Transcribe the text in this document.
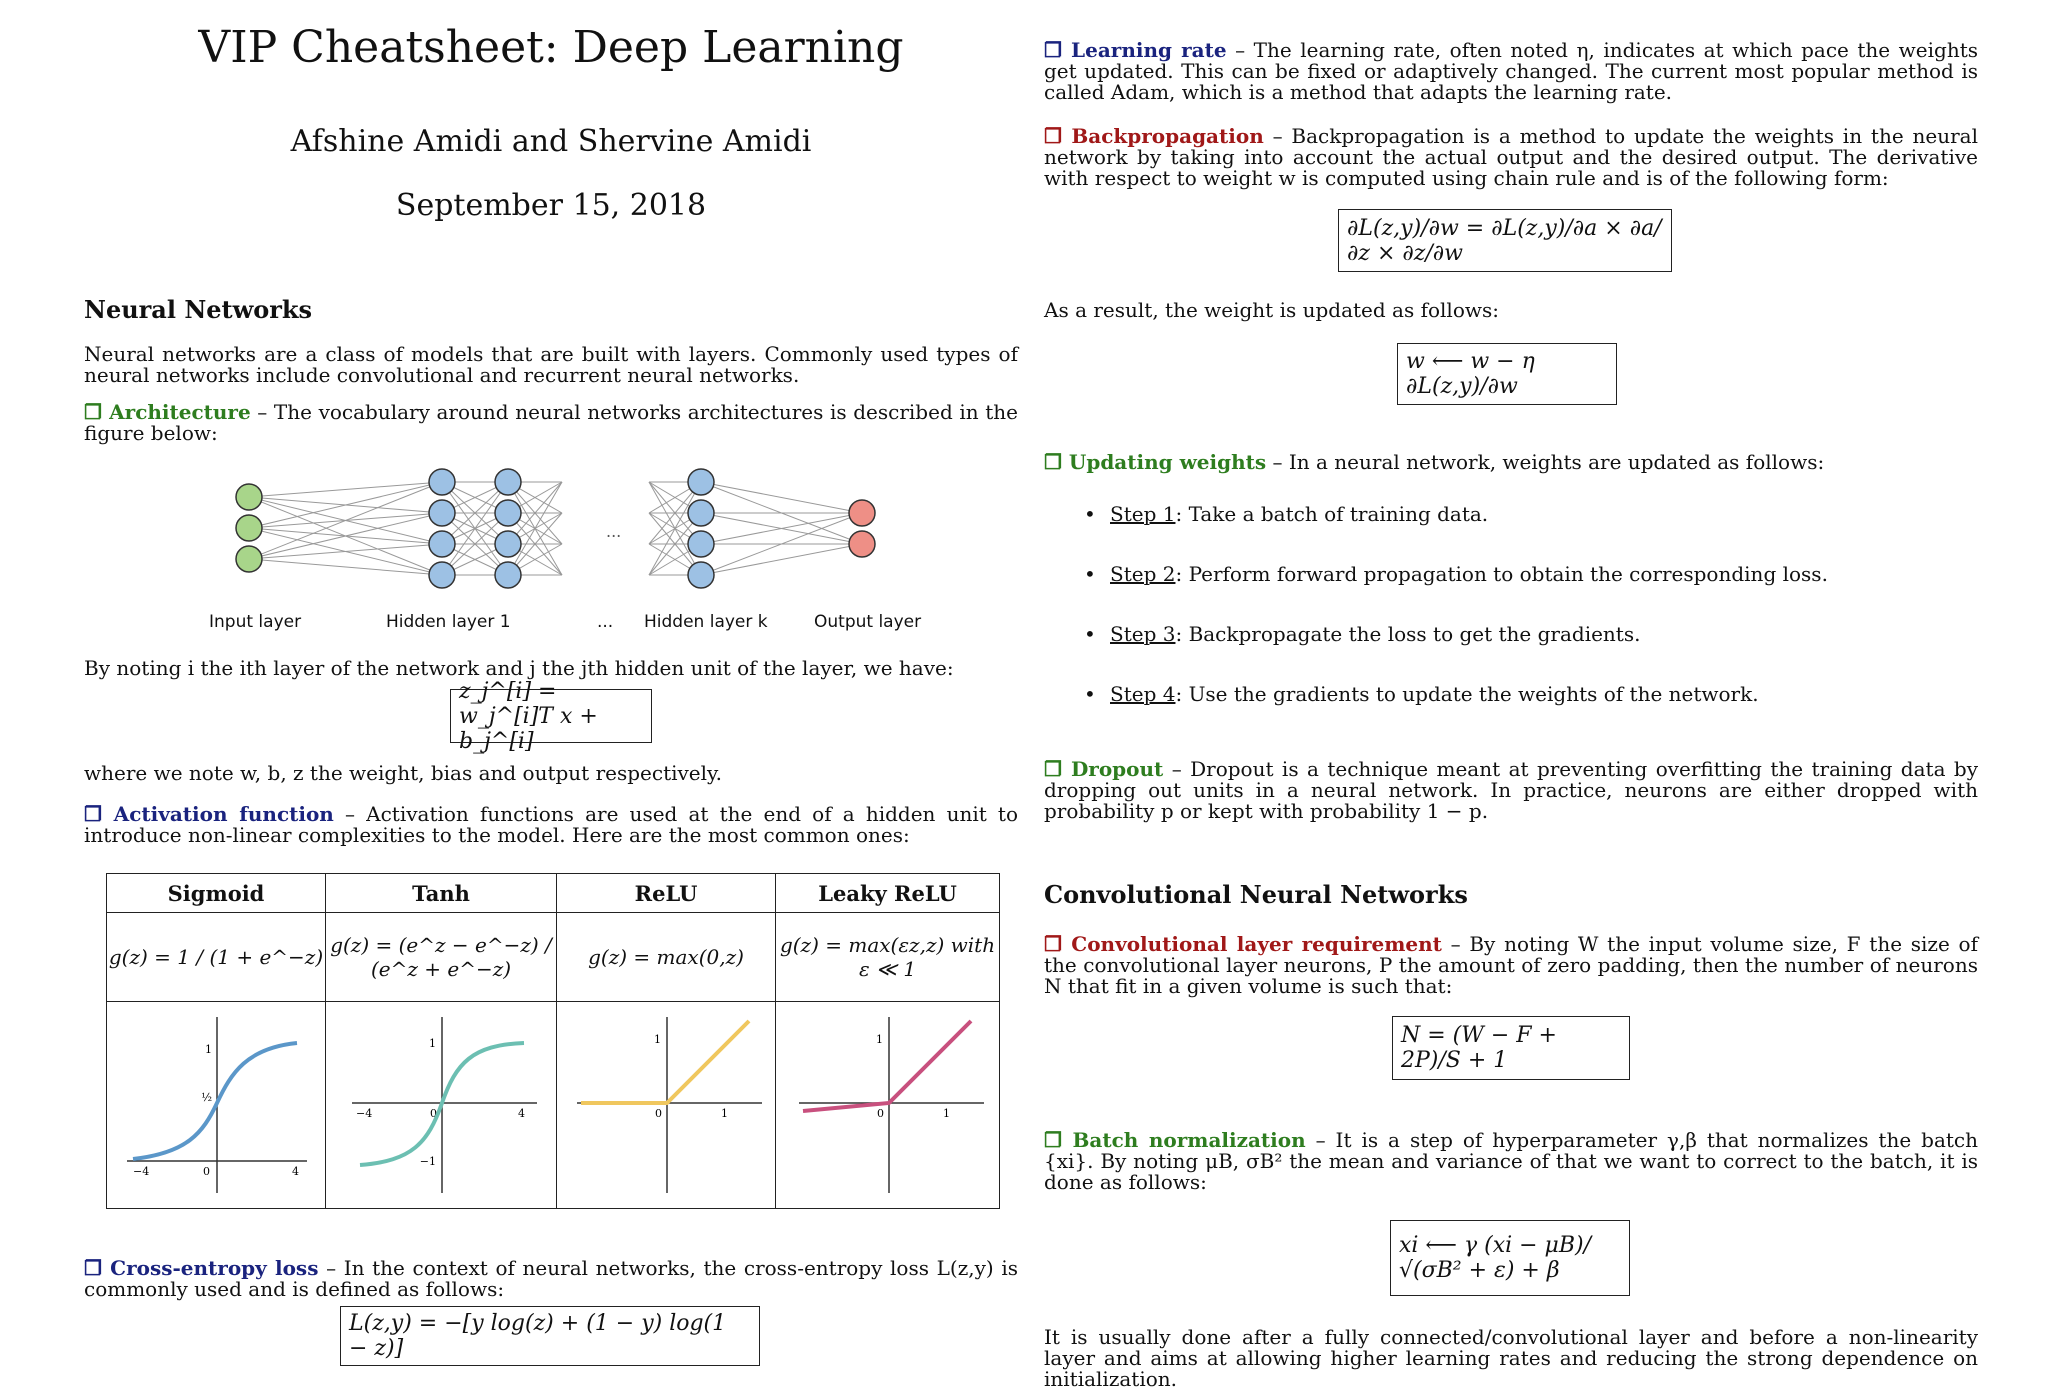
VIP Cheatsheet: Deep Learning
Afshine Amidi and Shervine Amidi
September 15, 2018
Neural Networks
Neural networks are a class of models that are built with layers. Commonly used types of neural networks include convolutional and recurrent neural networks.
❐ Architecture – The vocabulary around neural networks architectures is described in the figure below:
...
Input layer	Hidden layer 1	... Hidden layer k	Output layer
By noting i the ith layer of the network and j the jth hidden unit of the layer, we have:
z_j^[i] = w_j^[i]T x + b_j^[i]
where we note w, b, z the weight, bias and output respectively.
❐ Activation function – Activation functions are used at the end of a hidden unit to introduce non-linear complexities to the model. Here are the most common ones:
Sigmoid	Tanh	ReLU	Leaky ReLU
g(z) = 1 / (1 + e^−z)	g(z) = (e^z − e^−z) / (e^z + e^−z)	g(z) = max(0,z)	g(z) = max(εz,z) with ε ≪ 1

1
½
−4 0 4	1
−1
−4 0 4	1
0 1	1
0 1
❐ Cross-entropy loss – In the context of neural networks, the cross-entropy loss L(z,y) is commonly used and is defined as follows:
L(z,y) = −[y log(z) + (1 − y) log(1 − z)]
❐ Learning rate – The learning rate, often noted η, indicates at which pace the weights get updated. This can be fixed or adaptively changed. The current most popular method is called Adam, which is a method that adapts the learning rate.
❐ Backpropagation – Backpropagation is a method to update the weights in the neural network by taking into account the actual output and the desired output. The derivative with respect to weight w is computed using chain rule and is of the following form:
∂L(z,y)/∂w = ∂L(z,y)/∂a × ∂a/∂z × ∂z/∂w
As a result, the weight is updated as follows:
w ⟵ w − η ∂L(z,y)/∂w
❐ Updating weights – In a neural network, weights are updated as follows:
• Step 1: Take a batch of training data.
• Step 2: Perform forward propagation to obtain the corresponding loss.
• Step 3: Backpropagate the loss to get the gradients.
• Step 4: Use the gradients to update the weights of the network.
❐ Dropout – Dropout is a technique meant at preventing overfitting the training data by dropping out units in a neural network. In practice, neurons are either dropped with probability p or kept with probability 1 − p.
Convolutional Neural Networks
❐ Convolutional layer requirement – By noting W the input volume size, F the size of the convolutional layer neurons, P the amount of zero padding, then the number of neurons N that fit in a given volume is such that:
N = (W − F + 2P)/S + 1
❐ Batch normalization – It is a step of hyperparameter γ,β that normalizes the batch {xi}. By noting μB, σB² the mean and variance of that we want to correct to the batch, it is done as follows:
xi ⟵ γ (xi − μB)/√(σB² + ε) + β
It is usually done after a fully connected/convolutional layer and before a non-linearity layer and aims at allowing higher learning rates and reducing the strong dependence on initialization.
